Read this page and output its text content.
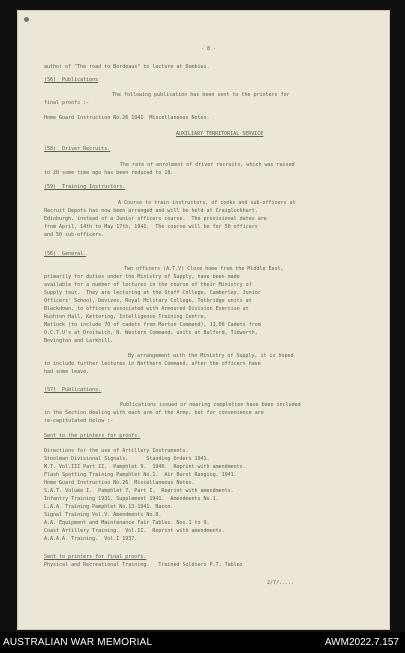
- 8 -
author of "The road to Bordeaux" to lecture at Dombies.
(56)  Publications
The following publication has been sent to the printers for
final proofs :-
Home Guard Instruction No.26 1941  Miscellaneous Notes.
AUXILIARY TERRITORIAL SERVICE
(58)  Driver Recruits.
The rate of enrolment of driver recruits, which was raised
to 20 some time ago has been reduced to 18.
(59)  Training Instructors.
A Course to train instructors, of cooks and sub-officers at
Recruit Depots has now been arranged and will be held at Craiglockhart,
Edinburgh, instead of a Junior officers course.  The provisional dates are
from April, 14th to May 17th, 1941.  The course will be for 50 officers
and 50 sub-officers.
(56)  General.
Two officers (A.T.V) Close home from the Middle East,
primarily for duties under the Ministry of Supply, have been made
available for a number of lectures in the course of their Ministry of
Supply tour.  They are lecturing at the Staff College, Camberley, Junior
Officers' School, Devizes, Royal Military College, Tetbridge units at
Blackdown, to officers associated with Armoured Division Exercise at
Rushton Hall, Kettering, Intelligence Training Centre,
Matlock (to include 70 of cadets from Morton Command), 11,00 Cadets from
O.C.T.U's at Droitwich, N. Western Command, units at Bulford, Tidworth,
Bovington and Larkhill.
By arrangement with the Ministry of Supply, it is hoped
to include further lectures in Northern Command, after the officers have
had some leave.
(57)  Publications.
Publications issued or nearing completion have been included
in the Section dealing with each arm of the Army, but for convenience are
re-capitulated below :-
Sent to the printers for proofs.
Directions for the use of Artillery Instruments.
Stoolman Divisional Signals.      Standing Orders 1941.
M.T. Vol.III Part II.  Pamphlet 9.  1940.  Reprint with amendments.
Flash Spotting Training Pamphlet No.1.  Air Burst Ranging, 1941.
Home Guard Instruction No.26  Miscellaneous Notes.
S.A.T. Volume I.  Pamphlet 7, Part I.  Reprint with amendments.
Infantry Training 1931. Supplement 1941.  Amendments No.1.
L.A.A. Training Pamphlet No.13-1941. Bacon.
Signal Training Vol.V. Amendments No.8.
A.A. Equipment and Maintenance Fair Tables. Nos.1 to 9.
Coast Artillery Training.  Vol.II.  Reprint with amendments.
A.A.A.A. Training.  Vol.I 1937.
Sent to printers for final proofs.
Physical and Recreational Training.   Trained Soldiers P.T. Tables
2/7/.....
AUSTRALIAN WAR MEMORIAL	AWM2022.7.157
